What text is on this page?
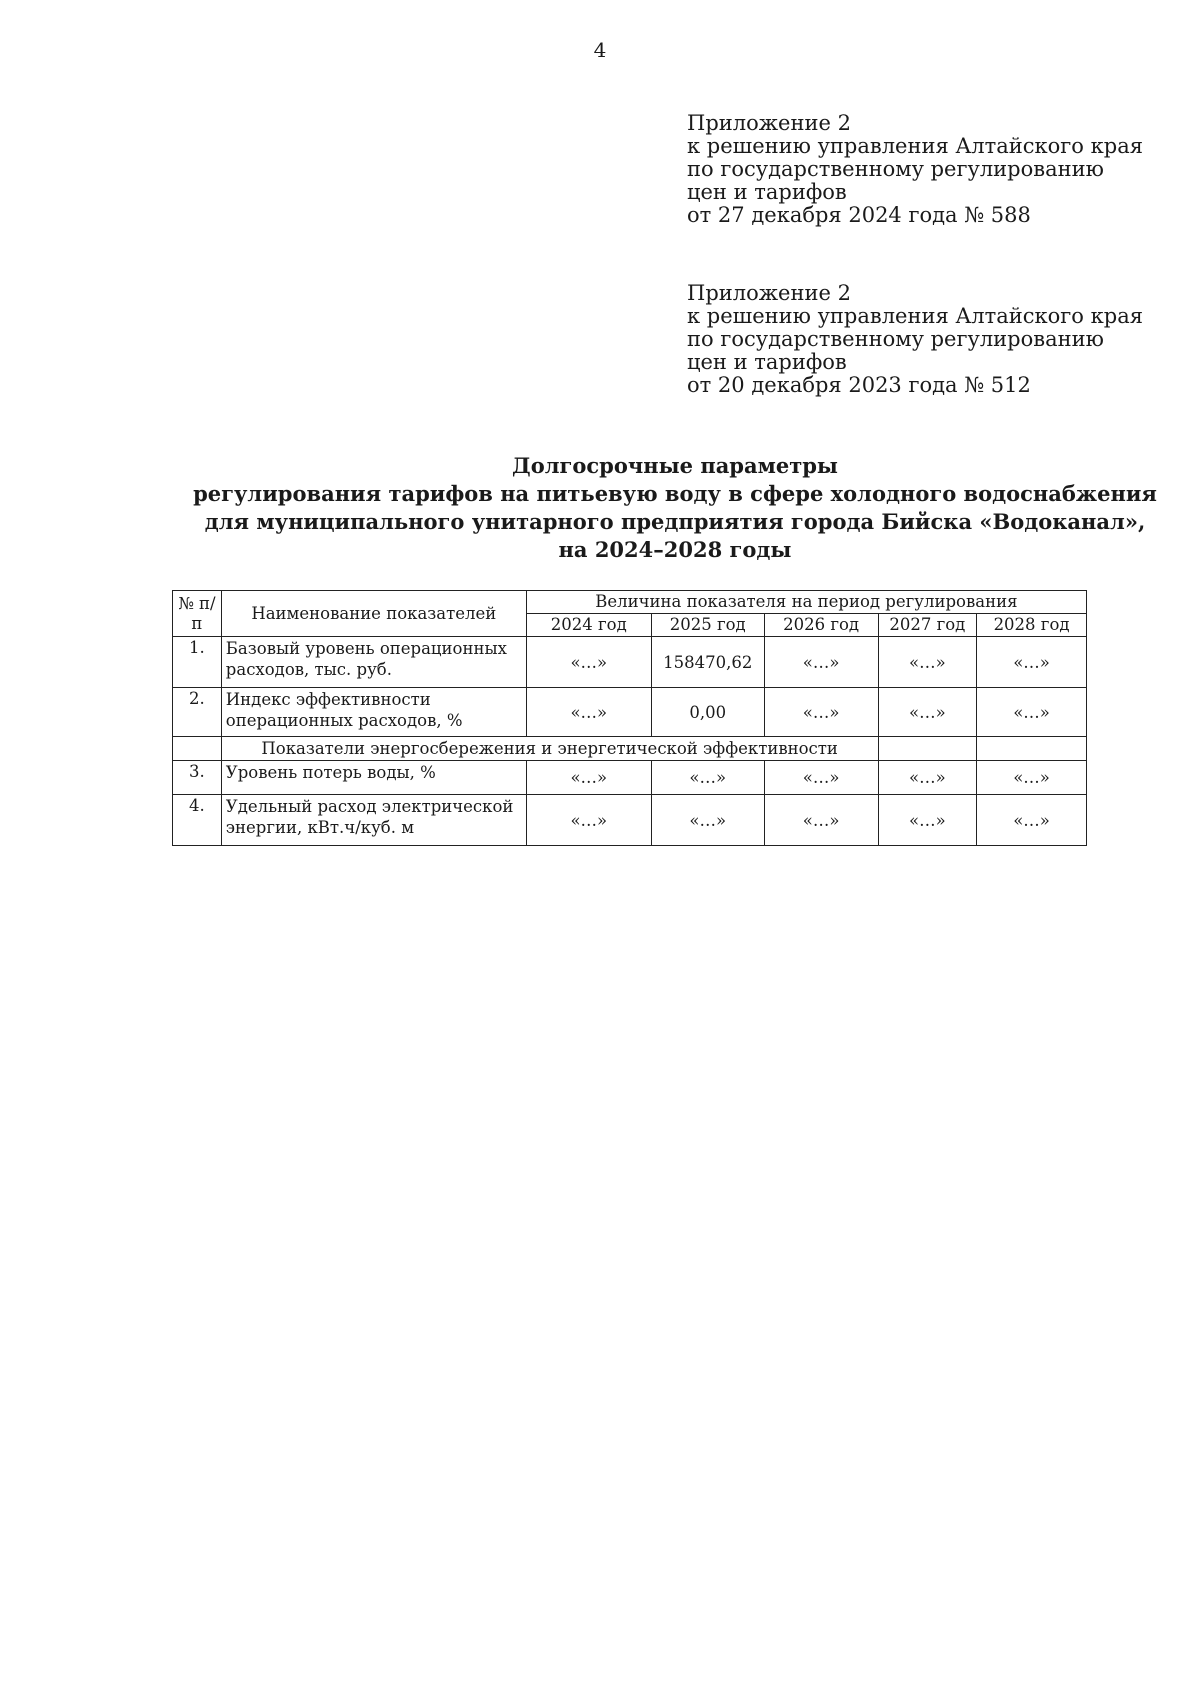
4
Приложение 2
к решению управления Алтайского края
по государственному регулированию
цен и тарифов
от 27 декабря 2024 года № 588
Приложение 2
к решению управления Алтайского края
по государственному регулированию
цен и тарифов
от 20 декабря 2023 года № 512
Долгосрочные параметры
регулирования тарифов на питьевую воду в сфере холодного водоснабжения
для муниципального унитарного предприятия города Бийска «Водоканал»,
на 2024–2028 годы
№ п/п	Наименование показателей	Величина показателя на период регулирования				
		2024 год	2025 год	2026 год	2027 год	2028 год
1.	Базовый уровень операционных расходов, тыс. руб.	«…»	158470,62	«…»	«…»	«…»
2.	Индекс эффективности операционных расходов, %	«…»	0,00	«…»	«…»	«…»
	Показатели энергосбережения и энергетической эффективности					
3.	Уровень потерь воды, %	«…»	«…»	«…»	«…»	«…»
4.	Удельный расход электрической энергии, кВт.ч/куб. м	«…»	«…»	«…»	«…»	«…»
